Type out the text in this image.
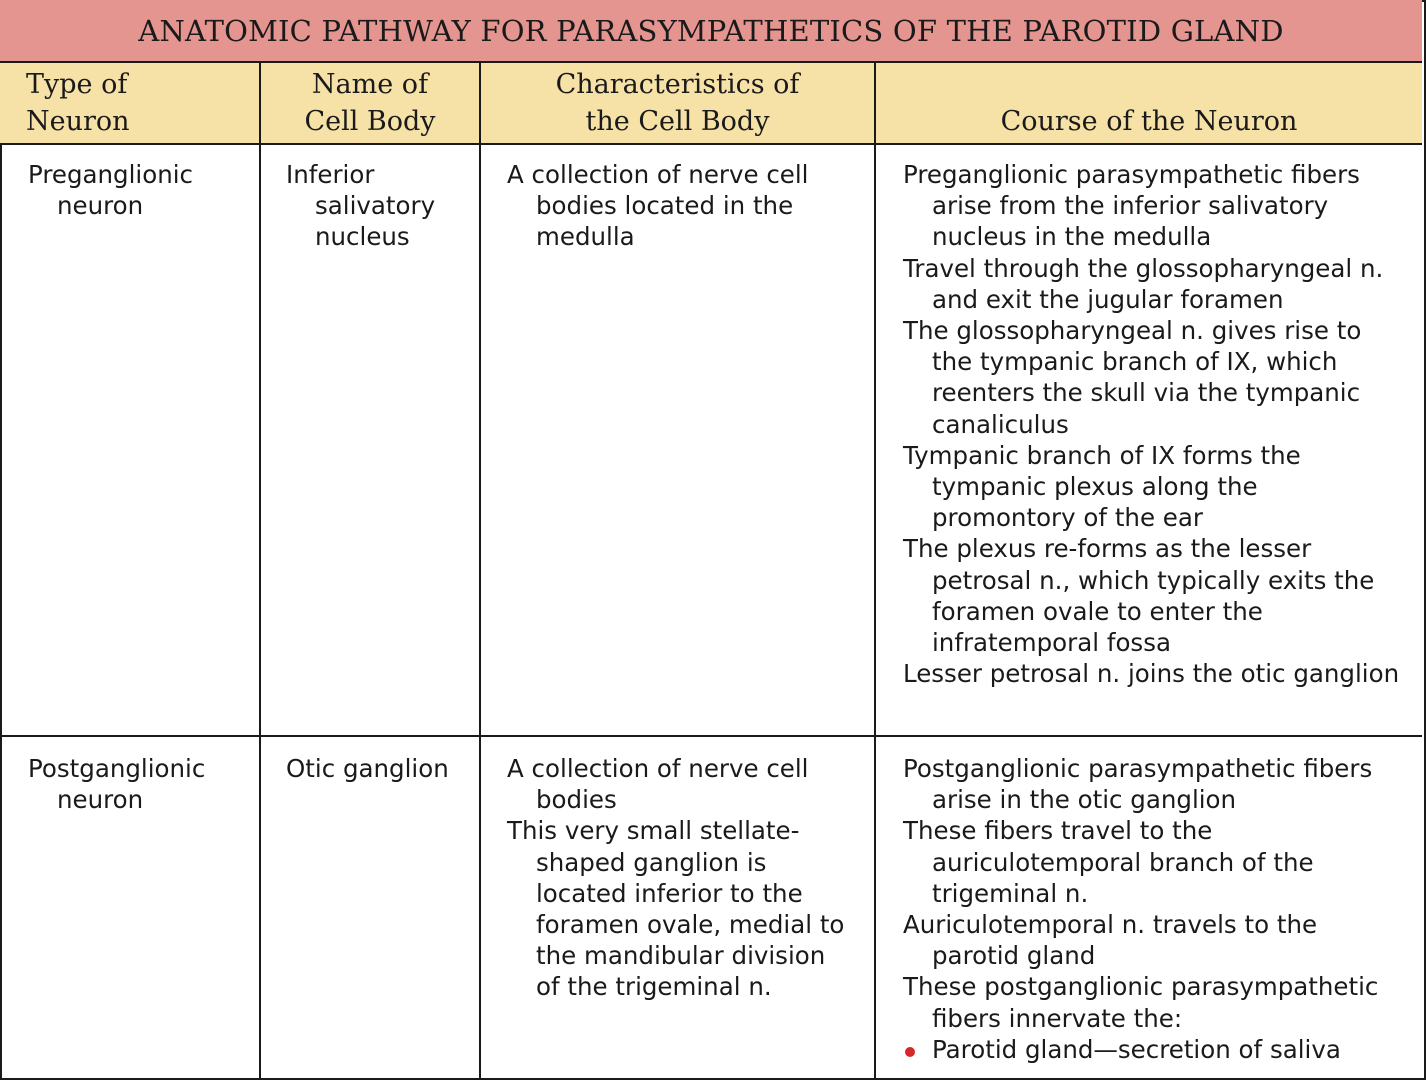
ANATOMIC PATHWAY FOR PARASYMPATHETICS OF THE PAROTID GLAND
Type of
Neuron
Name of
Cell Body
Characteristics of
the Cell Body	Course of the Neuron

Preganglionic neuron

Inferior salivatory nucleus

A collection of nerve cell bodies located in the medulla

Preganglionic parasympathetic fibers arise from the inferior salivatory nucleus in the medulla

Travel through the glossopharyngeal n. and exit the jugular foramen

The glossopharyngeal n. gives rise to the tympanic branch of IX, which reenters the skull via the tympanic canaliculus

Tympanic branch of IX forms the tympanic plexus along the promontory of the ear

The plexus re-forms as the lesser petrosal n., which typically exits the foramen ovale to enter the infratemporal fossa

Lesser petrosal n. joins the otic ganglion

Postganglionic neuron

Otic ganglion	A collection of nerve cell bodies

This very small stellate-shaped ganglion is located inferior to the foramen ovale, medial to the mandibular division of the trigeminal n.

Postganglionic parasympathetic fibers arise in the otic ganglion

These fibers travel to the auriculotemporal branch of the trigeminal n.

Auriculotemporal n. travels to the parotid gland

These postganglionic parasympathetic fibers innervate the:

Parotid gland—secretion of saliva
